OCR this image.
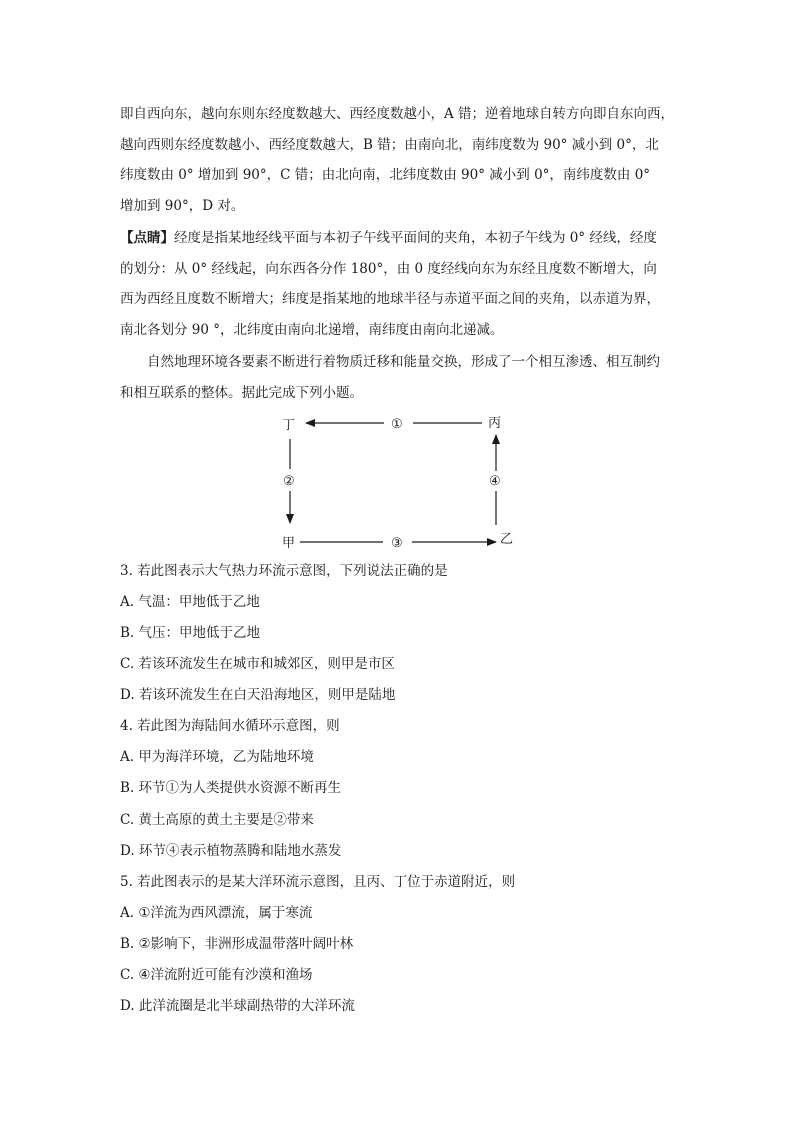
即自西向东，越向东则东经度数越大、西经度数越小，A 错；逆着地球自转方向即自东向西，
越向西则东经度数越小、西经度数越大，B 错；由南向北，南纬度数为 90° 减小到 0°，北
纬度数由 0° 增加到 90°，C 错；由北向南，北纬度数由 90° 减小到 0°，南纬度数由 0°
增加到 90°，D 对。
【点睛】经度是指某地经线平面与本初子午线平面间的夹角，本初子午线为 0° 经线，经度
的划分：从 0° 经线起，向东西各分作 180°，由 0 度经线向东为东经且度数不断增大，向
西为西经且度数不断增大；纬度是指某地的地球半径与赤道平面之间的夹角，以赤道为界，
南北各划分 90 °，北纬度由南向北递增，南纬度由南向北递减。
自然地理环境各要素不断进行着物质迁移和能量交换，形成了一个相互渗透、相互制约
和相互联系的整体。据此完成下列小题。
丁	丙
甲	乙
①
②
③
④
3. 若此图表示大气热力环流示意图，下列说法正确的是
A. 气温：甲地低于乙地
B. 气压：甲地低于乙地
C. 若该环流发生在城市和城郊区，则甲是市区
D. 若该环流发生在白天沿海地区，则甲是陆地
4. 若此图为海陆间水循环示意图，则
A. 甲为海洋环境，乙为陆地环境
B. 环节①为人类提供水资源不断再生
C. 黄土高原的黄土主要是②带来
D. 环节④表示植物蒸腾和陆地水蒸发
5. 若此图表示的是某大洋环流示意图，且丙、丁位于赤道附近，则
A. ①洋流为西风漂流，属于寒流
B. ②影响下，非洲形成温带落叶阔叶林
C. ④洋流附近可能有沙漠和渔场
D. 此洋流圈是北半球副热带的大洋环流
